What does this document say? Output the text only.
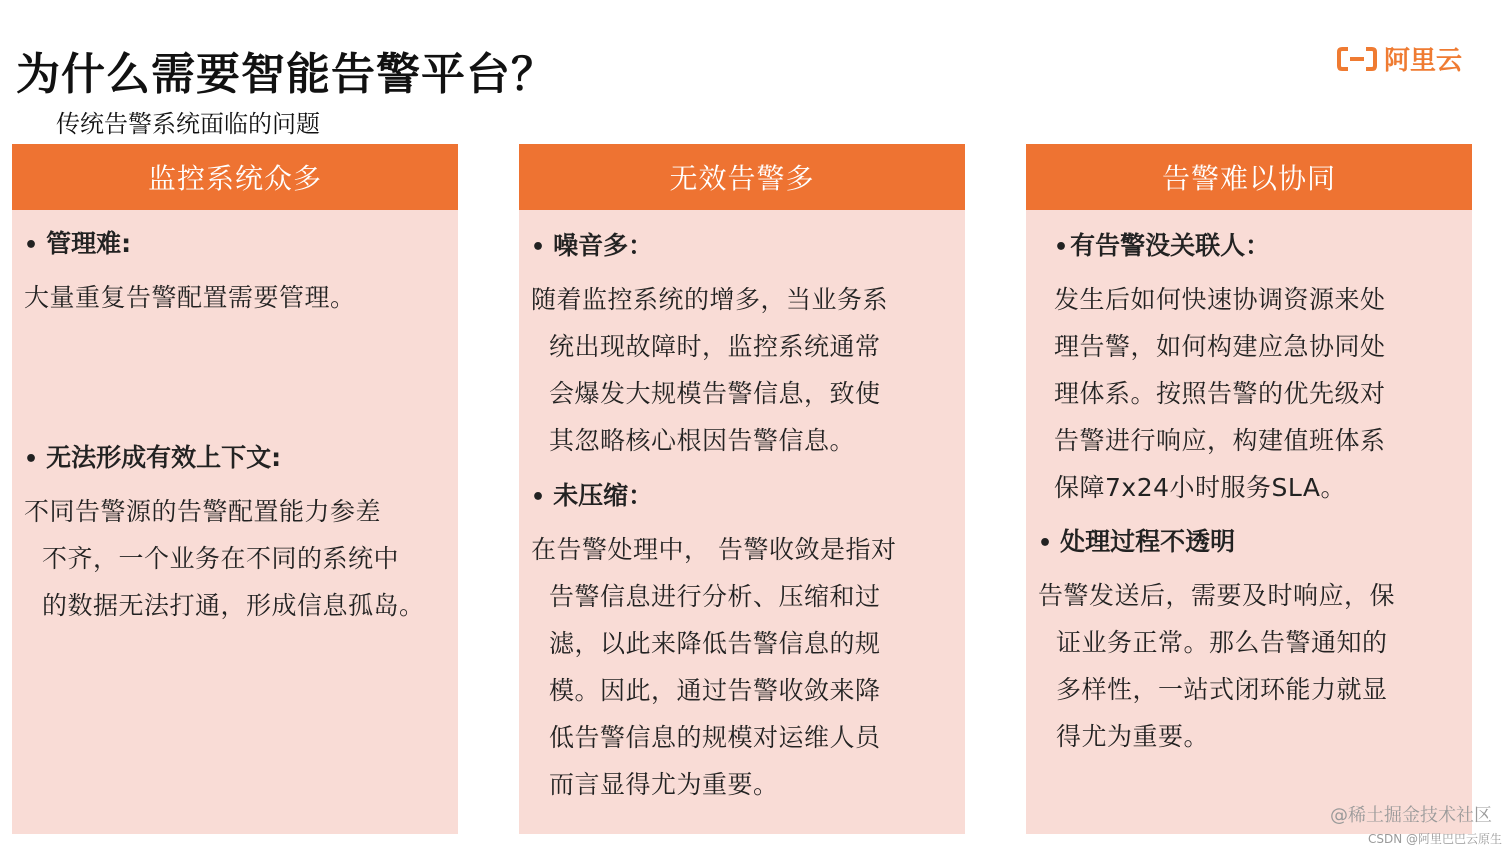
为什么需要智能告警平台？
传统告警系统面临的问题
阿里云
监控系统众多
• 管理难:
大量重复告警配置需要管理。
• 无法形成有效上下文:
不同告警源的告警配置能力参差
不齐，一个业务在不同的系统中
的数据无法打通，形成信息孤岛。
无效告警多
• 噪音多：
随着监控系统的增多，当业务系
统出现故障时，监控系统通常
会爆发大规模告警信息，致使
其忽略核心根因告警信息。
• 未压缩：
在告警处理中， 告警收敛是指对
告警信息进行分析、压缩和过
滤，以此来降低告警信息的规
模。因此，通过告警收敛来降
低告警信息的规模对运维人员
而言显得尤为重要。
告警难以协同
•有告警没关联人：
发生后如何快速协调资源来处
理告警，如何构建应急协同处
理体系。按照告警的优先级对
告警进行响应，构建值班体系
保障7x24小时服务SLA。
• 处理过程不透明
告警发送后，需要及时响应，保
证业务正常。那么告警通知的
多样性，一站式闭环能力就显
得尤为重要。
@稀土掘金技术社区
CSDN @阿里巴巴云原生
